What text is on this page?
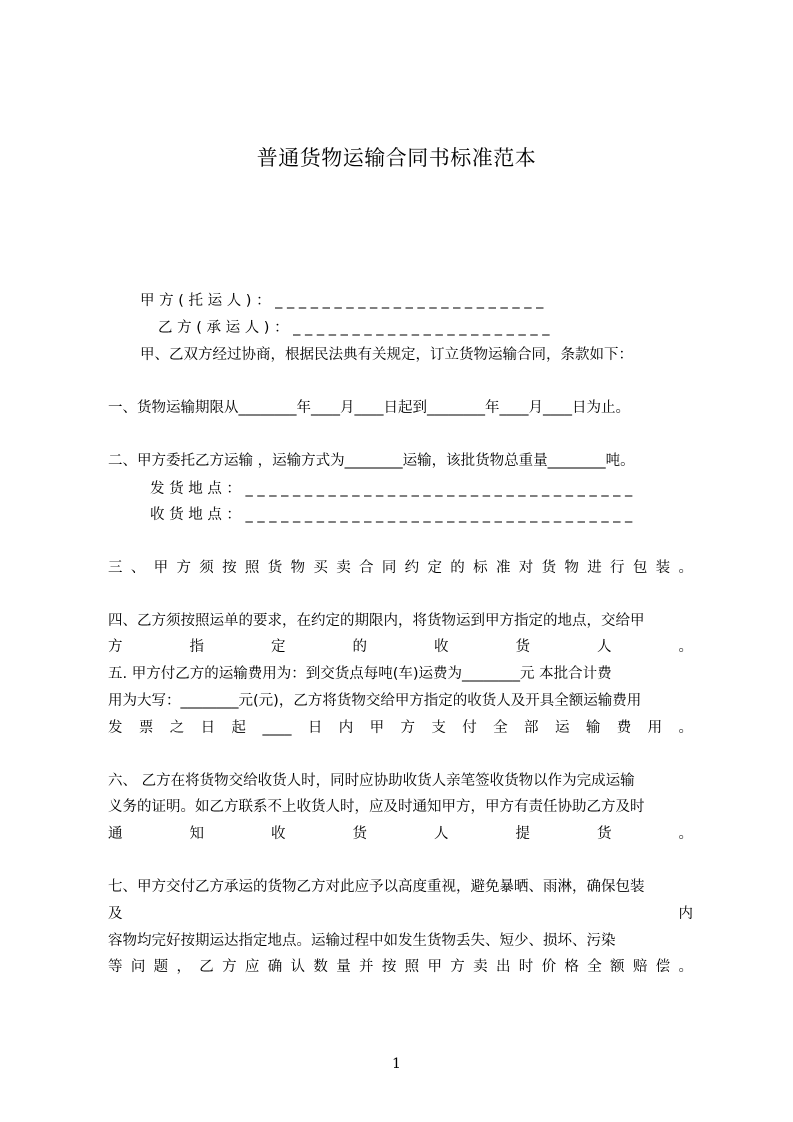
普通货物运输合同书标准范本
甲 方 ( 托 运 人 ) ： _ _ _ _ _ _ _ _ _ _ _ _ _ _ _ _ _ _ _ _ _ _ _
乙 方 ( 承 运 人 ) ： _ _ _ _ _ _ _ _ _ _ _ _ _ _ _ _ _ _ _ _ _ _
甲、乙双方经过协商，根据民法典有关规定，订立货物运输合同，条款如下：
一、货物运输期限从________年____月____日起到________年____月____日为止。
二、甲方委托乙方运输 ，运输方式为________运输，该批货物总重量________吨。
发 货 地 点 ： _ _ _ _ _ _ _ _ _ _ _ _ _ _ _ _ _ _ _ _ _ _ _ _ _ _ _ _ _ _ _ _ _
收 货 地 点 ： _ _ _ _ _ _ _ _ _ _ _ _ _ _ _ _ _ _ _ _ _ _ _ _ _ _ _ _ _ _ _ _ _
三、甲方须按照货物买卖合同约定的标准对货物进行包装。
四、乙方须按照运单的要求，在约定的期限内，将货物运到甲方指定的地点，交给甲
方指定的收货人。
五. 甲方付乙方的运输费用为：到交货点每吨(车)运费为________元 本批合计费
用为大写：________元(元)，乙方将货物交给甲方指定的收货人及开具全额运输费用
发票之日起____日内甲方支付全部运输费用。
六、 乙方在将货物交给收货人时，同时应协助收货人亲笔签收货物以作为完成运输
义务的证明。如乙方联系不上收货人时，应及时通知甲方，甲方有责任协助乙方及时
通知收货人提货。
七、甲方交付乙方承运的货物乙方对此应予以高度重视，避免暴晒、雨淋，确保包装
及内
容物均完好按期运达指定地点。运输过程中如发生货物丢失、短少、损坏、污染
等问题，乙方应确认数量并按照甲方卖出时价格全额赔偿。
1
